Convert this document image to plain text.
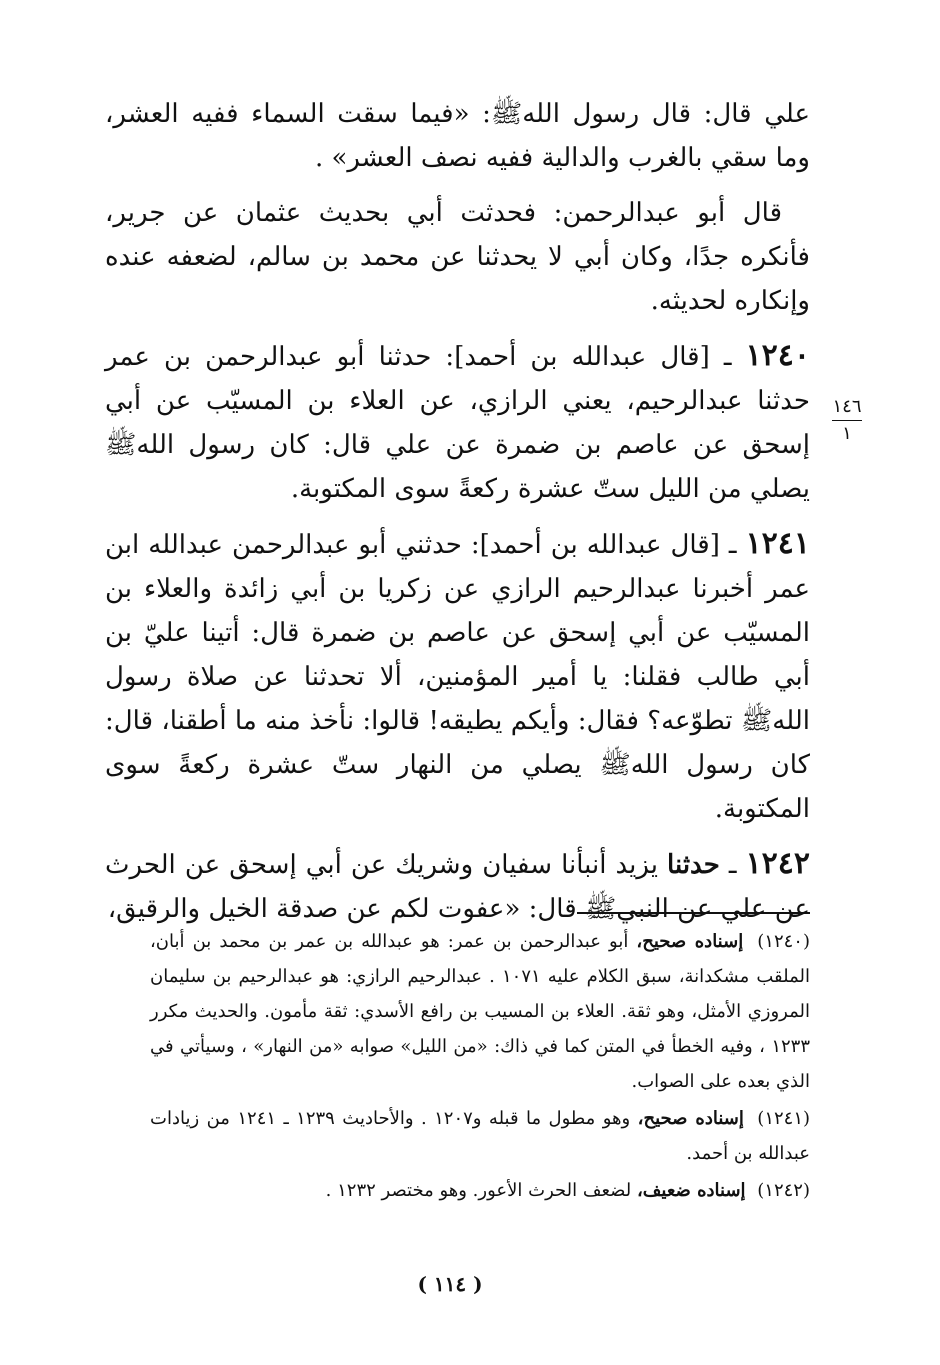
علي قال: قال رسول اللهﷺ: «فيما سقت السماء ففيه العشر، وما سقي بالغرب والدالية ففيه نصف العشر» .

قال أبو عبدالرحمن: فحدثت أبي بحديث عثمان عن جرير، فأنكره جدًا، وكان أبي لا يحدثنا عن محمد بن سالم، لضعفه عنده وإنكاره لحديثه.

١٢٤٠ ـ [قال عبدالله بن أحمد]: حدثنا أبو عبدالرحمن بن عمر حدثنا عبدالرحيم، يعني الرازي، عن العلاء بن المسيّب عن أبي إسحق عن عاصم بن ضمرة عن علي قال: كان رسول اللهﷺ يصلي من الليل ستّ عشرة ركعةً سوى المكتوبة.

١٢٤١ ـ [قال عبدالله بن أحمد]: حدثني أبو عبدالرحمن عبدالله ابن عمر أخبرنا عبدالرحيم الرازي عن زكريا بن أبي زائدة والعلاء بن المسيّب عن أبي إسحق عن عاصم بن ضمرة قال: أتينا عليّ بن أبي طالب فقلنا: يا أمير المؤمنين، ألا تحدثنا عن صلاة رسول اللهﷺ تطوّعه؟ فقال: وأيكم يطيقه! قالوا: نأخذ منه ما أطقنا، قال: كان رسول اللهﷺ يصلي من النهار ستّ عشرة ركعةً سوى المكتوبة.

١٢٤٢ ـ حدثنا يزيد أنبأنا سفيان وشريك عن أبي إسحق عن الحرث عن علي عن النبيﷺ قال: «عفوت لكم عن صدقة الخيل والرقيق،

١٤٦
١

(١٢٤٠) إسناده صحيح، أبو عبدالرحمن بن عمر: هو عبدالله بن عمر بن محمد بن أبان، الملقب مشكدانة، سبق الكلام عليه ١٠٧١ . عبدالرحيم الرازي: هو عبدالرحيم بن سليمان المروزي الأمثل، وهو ثقة. العلاء بن المسيب بن رافع الأسدي: ثقة مأمون. والحديث مكرر ١٢٣٣ ، وفيه الخطأ في المتن كما في ذاك: «من الليل» صوابه «من النهار» ، وسيأتي في الذي بعده على الصواب.

(١٢٤١) إسناده صحيح، وهو مطول ما قبله و١٢٠٧ . والأحاديث ١٢٣٩ ـ ١٢٤١ من زيادات عبدالله بن أحمد.

(١٢٤٢) إسناده ضعيف، لضعف الحرث الأعور. وهو مختصر ١٢٣٢ .

( ١١٤ )
